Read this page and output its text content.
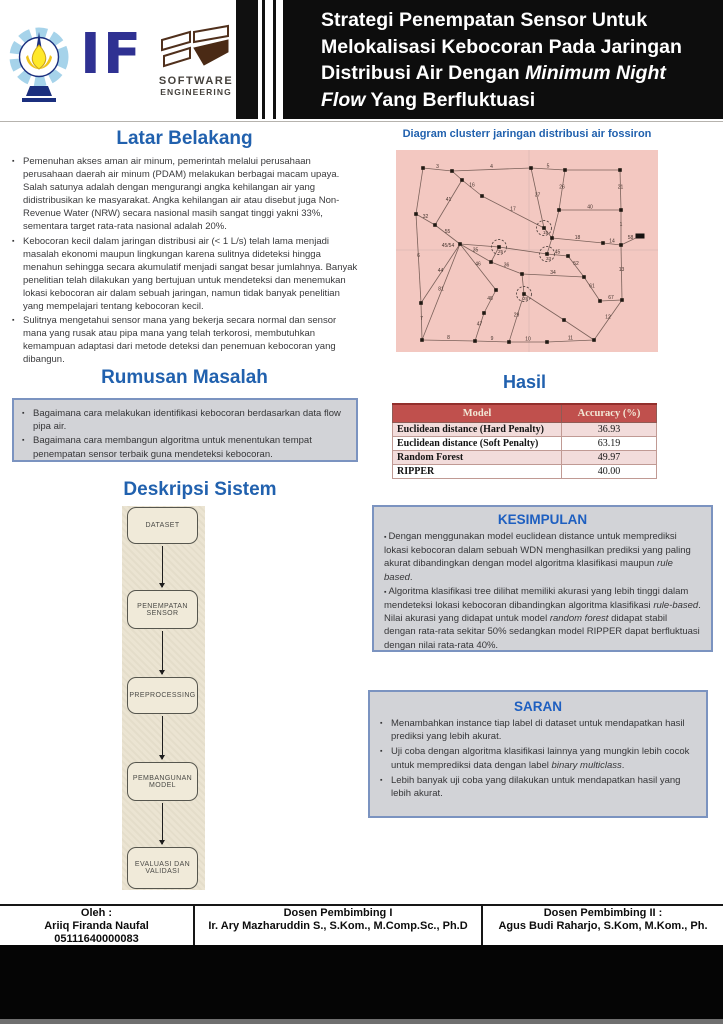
IF SOFTWARE
ENGINEERING
Strategi Penempatan Sensor Untuk
Melokalisasi Kebocoran Pada Jaringan
Distribusi Air Dengan Minimum Night
Flow Yang Berfluktuasi
Latar Belakang
▪ Pemenuhan akses aman air minum, pemerintah melalui perusahaan perusahaan daerah air minum (PDAM) melakukan berbagai macam upaya. Salah satunya adalah dengan mengurangi angka kehilangan air yang didistribusikan ke masyarakat. Angka kehilangan air atau disebut juga Non-Revenue Water (NRW) secara nasional masih sangat tinggi yakni 33%, sementara target rata-rata nasional adalah 20%.
▪ Kebocoran kecil dalam jaringan distribusi air (< 1 L/s) telah lama menjadi masalah ekonomi maupun lingkungan karena sulitnya dideteksi hingga menahun sehingga secara akumulatif menjadi sangat besar jumlahnya. Banyak penelitian telah dilakukan yang bertujuan untuk mendeteksi dan menemukan lokasi kebocoran air dalam sebuah jaringan, namun tidak banyak penelitian yang mempelajari tentang kebocoran kecil.
▪ Sulitnya mengetahui sensor mana yang bekerja secara normal dan sensor mana yang rusak atau pipa mana yang telah terkorosi, membutuhkan kemampuan adaptasi dari metode deteksi dan penemuan kebocoran yang dibangun.
Rumusan Masalah
▪ Bagaimana cara melakukan identifikasi kebocoran berdasarkan data flow pipa air.
▪ Bagaimana cara membangun algoritma untuk menentukan tempat penempatan sensor terbaik guna mendeteksi kebocoran.
Deskripsi Sistem
DATASET
PENEMPATAN SENSOR
PREPROCESSING
PEMBANGUNAN MODEL
EVALUASI DAN VALIDASI
Diagram clusterr jaringan distribusi air fossiron
3	4	5
6
7
21
1
13
14
58
16
41
32
17
37
26
40
55
35
36
18
45
52
61
67
34
44
81
46
48
47
29
8	9	10	11
12
15
25
33
28
45/54
Hasil
Model	Accuracy (%)
Euclidean distance (Hard Penalty)	36.93
Euclidean distance (Soft Penalty)	63.19
Random Forest	49.97
RIPPER	40.00
KESIMPULAN
▪ Dengan menggunakan model euclidean distance untuk memprediksi lokasi kebocoran dalam sebuah WDN menghasilkan prediksi yang paling akurat dibandingkan dengan model algoritma klasifikasi maupun rule based.
▪ Algoritma klasifikasi tree dilihat memiliki akurasi yang lebih tinggi dalam mendeteksi lokasi kebocoran dibandingkan algoritma klasifikasi rule-based. Nilai akurasi yang didapat untuk model random forest didapat stabil dengan rata-rata sekitar 50% sedangkan model RIPPER dapat berfluktuasi dengan nilai rata-rata 40%.
SARAN
▪ Menambahkan instance tiap label di dataset untuk mendapatkan hasil prediksi yang lebih akurat.
▪ Uji coba dengan algoritma klasifikasi lainnya yang mungkin lebih cocok untuk memprediksi data dengan label binary multiclass.
▪ Lebih banyak uji coba yang dilakukan untuk mendapatkan hasil yang lebih akurat.
Oleh :
Ariiq Firanda Naufal
05111640000083
Dosen Pembimbing I
Ir. Ary Mazharuddin S., S.Kom., M.Comp.Sc., Ph.D
Dosen Pembimbing II :
Agus Budi Raharjo, S.Kom, M.Kom., Ph.
